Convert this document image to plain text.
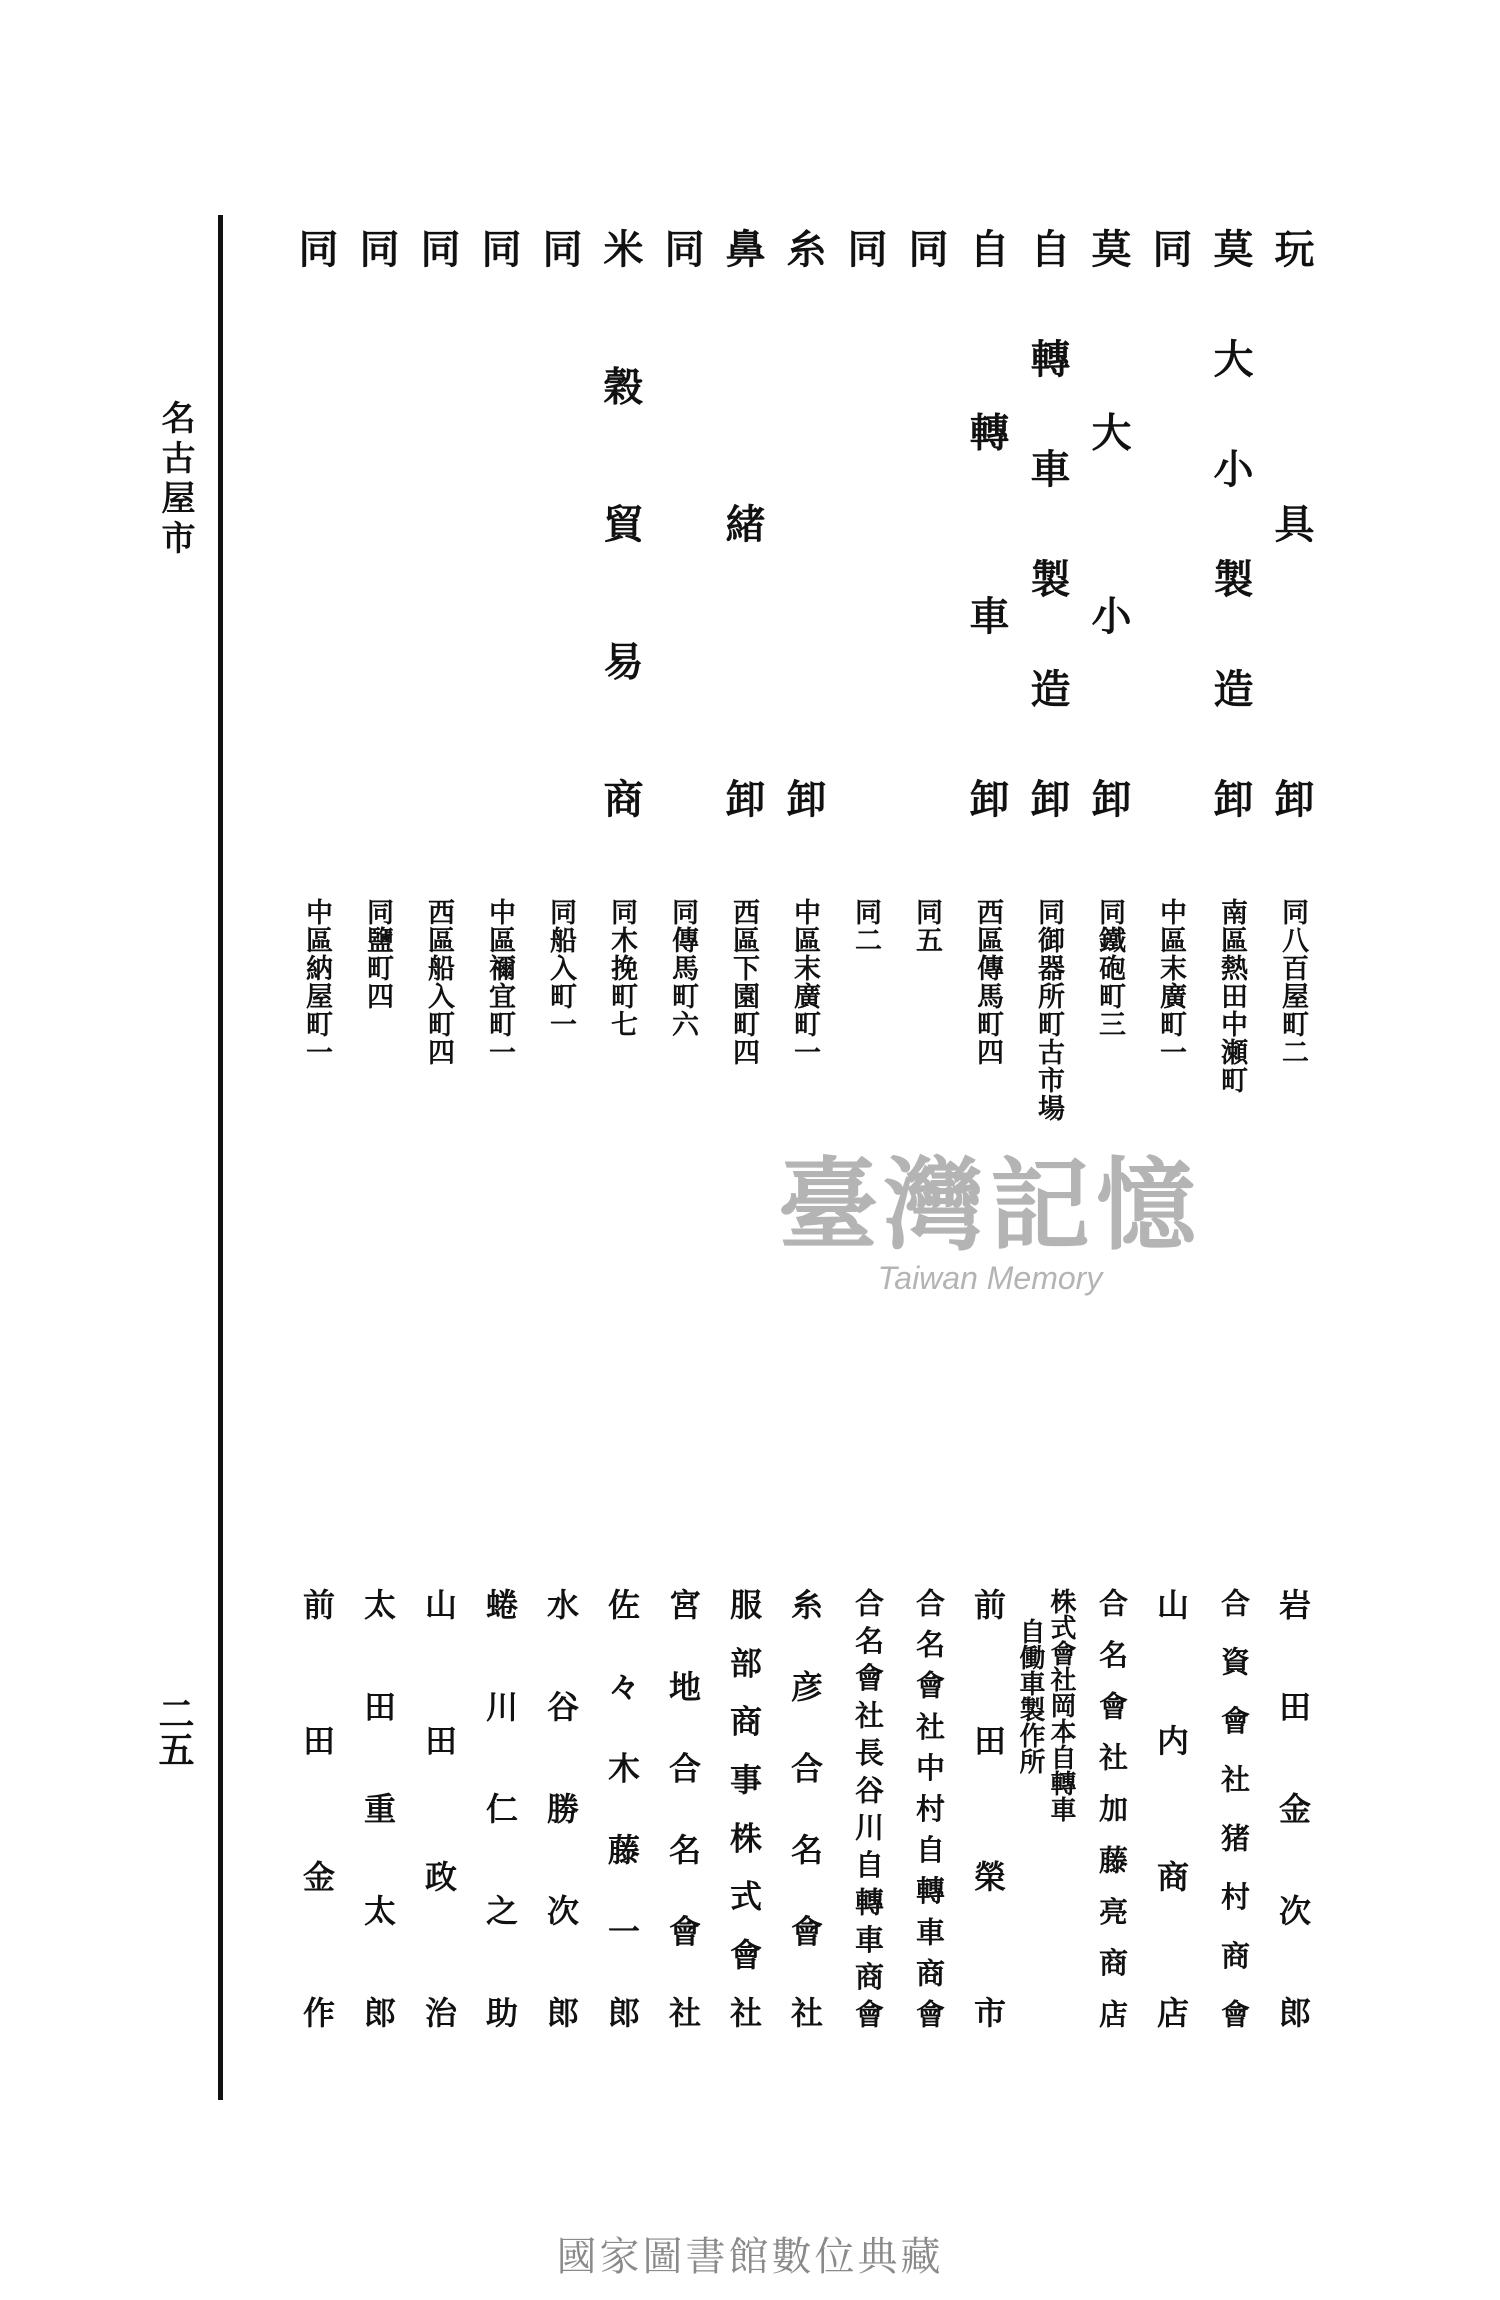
名古屋市
二五
玩具卸
同八百屋町二
岩田金次郎
莫大小製造卸
南區熱田中瀬町
合資會社猪村商會
同
中區末廣町一
山内商店
莫大小卸
同鐵砲町三
合名會社加藤亮商店
自轉車製造卸
同御器所町古市場
株式會社岡本自轉車
自働車製作所
自轉車卸
西區傳馬町四
前田榮市
同
同五
合名會社中村自轉車商會
同
同二
合名會社長谷川自轉車商會
糸卸
中區末廣町一
糸彦合名會社
鼻緒卸
西區下園町四
服部商事株式會社
同
同傳馬町六
宮地合名會社
米穀貿易商
同木挽町七
佐々木藤一郎
同
同船入町一
水谷勝次郎
同
中區禰宜町一
蜷川仁之助
同
西區船入町四
山田政治
同
同鹽町四
太田重太郎
同
中區納屋町一
前田金作
臺灣記憶
Taiwan Memory
國家圖書館數位典藏
